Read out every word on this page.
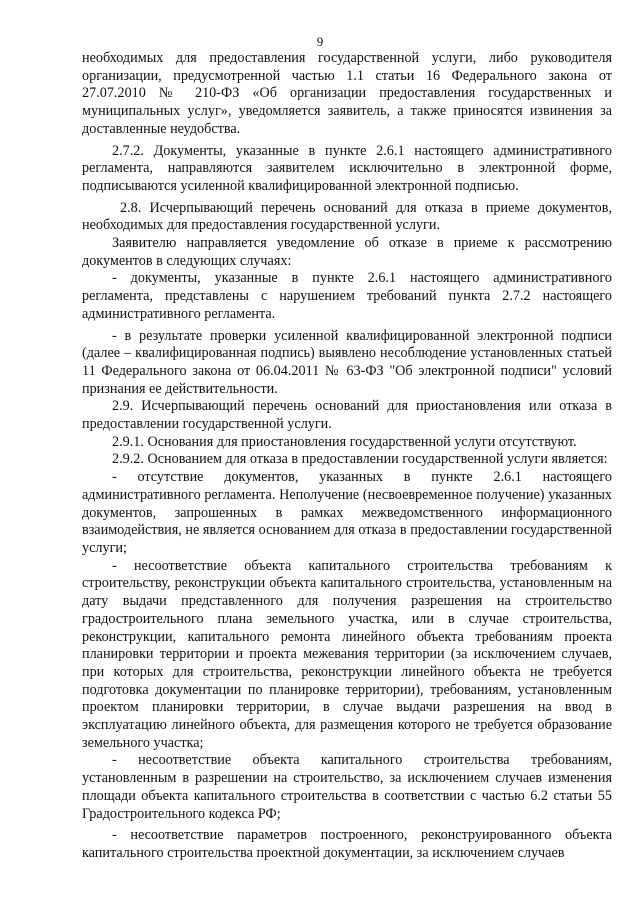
9

необходимых для предоставления государственной услуги, либо руководителя организации, предусмотренной частью 1.1 статьи 16 Федерального закона от 27.07.2010 № 210-ФЗ «Об организации предоставления государственных и муниципальных услуг», уведомляется заявитель, а также приносятся извинения за доставленные неудобства.

2.7.2. Документы, указанные в пункте 2.6.1 настоящего административного регламента, направляются заявителем исключительно в электронной форме, подписываются усиленной квалифицированной электронной подписью.

2.8. Исчерпывающий перечень оснований для отказа в приеме документов, необходимых для предоставления государственной услуги.

Заявителю направляется уведомление об отказе в приеме к рассмотрению документов в следующих случаях:

- документы, указанные в пункте 2.6.1 настоящего административного регламента, представлены с нарушением требований пункта 2.7.2 настоящего административного регламента.

- в результате проверки усиленной квалифицированной электронной подписи (далее – квалифицированная подпись) выявлено несоблюдение установленных статьей 11 Федерального закона от 06.04.2011 № 63-ФЗ "Об электронной подписи" условий признания ее действительности.

2.9. Исчерпывающий перечень оснований для приостановления или отказа в предоставлении государственной услуги.

2.9.1. Основания для приостановления государственной услуги отсутствуют.

2.9.2. Основанием для отказа в предоставлении государственной услуги является:

- отсутствие документов, указанных в пункте 2.6.1 настоящего административного регламента. Неполучение (несвоевременное получение) указанных документов, запрошенных в рамках межведомственного информационного взаимодействия, не является основанием для отказа в предоставлении государственной услуги;

- несоответствие объекта капитального строительства требованиям к строительству, реконструкции объекта капитального строительства, установленным на дату выдачи представленного для получения разрешения на строительство градостроительного плана земельного участка, или в случае строительства, реконструкции, капитального ремонта линейного объекта требованиям проекта планировки территории и проекта межевания территории (за исключением случаев, при которых для строительства, реконструкции линейного объекта не требуется подготовка документации по планировке территории), требованиям, установленным проектом планировки территории, в случае выдачи разрешения на ввод в эксплуатацию линейного объекта, для размещения которого не требуется образование земельного участка;

- несоответствие объекта капитального строительства требованиям, установленным в разрешении на строительство, за исключением случаев изменения площади объекта капитального строительства в соответствии с частью 6.2 статьи 55 Градостроительного кодекса РФ;

- несоответствие параметров построенного, реконструированного объекта капитального строительства проектной документации, за исключением случаев
